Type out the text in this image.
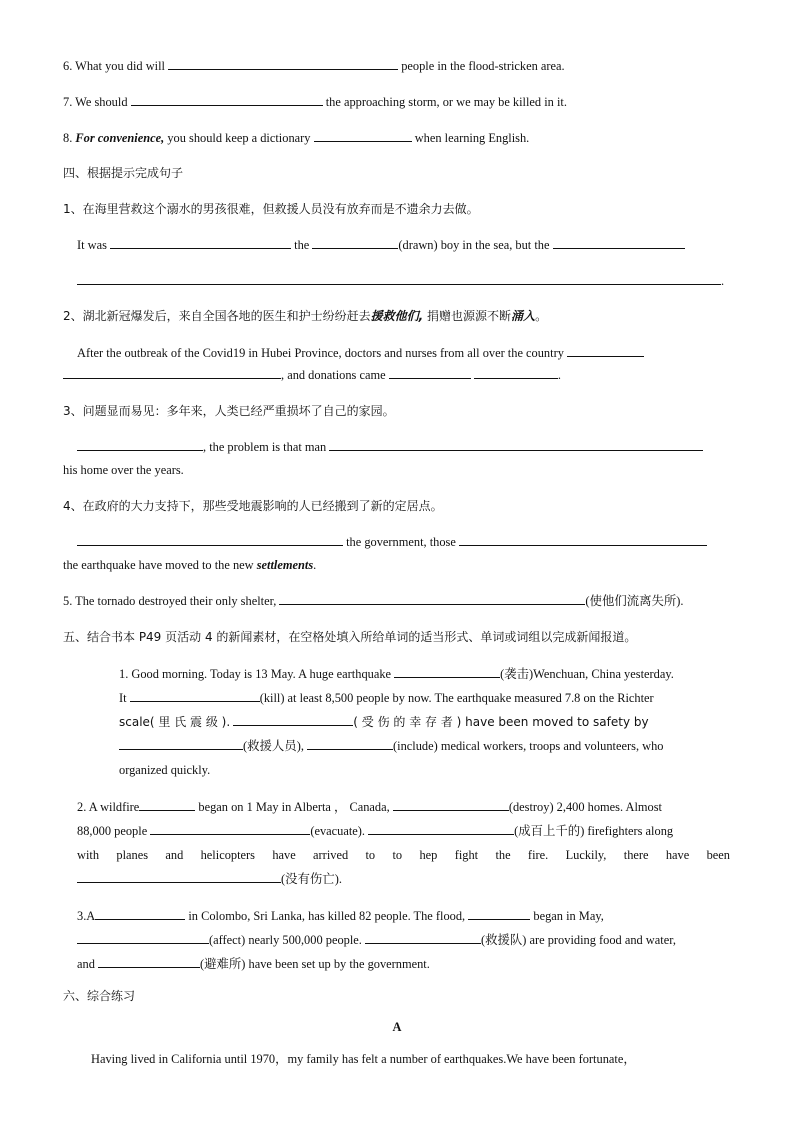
6. What you did will	people in the flood-stricken area.
7. We should	the approaching storm, or we may be killed in it.
8. For convenience, you should keep a dictionary	when learning English.
四、根据提示完成句子
1、在海里营救这个溺水的男孩很难，但救援人员没有放弃而是不遗余力去做。
It was	the	(drawn) boy in the sea, but the
.
2、湖北新冠爆发后，来自全国各地的医生和护士纷纷赶去援救他们, 捐赠也源源不断涌入。
After the outbreak of the Covid19 in Hubei Province, doctors and nurses from all over the country
, and donations came	.
3、问题显而易见：多年来，人类已经严重损坏了自己的家园。
, the problem is that man
his home over the years.
4、在政府的大力支持下，那些受地震影响的人已经搬到了新的定居点。
the government, those
the earthquake have moved to the new settlements.
5. The tornado destroyed their only shelter,	(使他们流离失所).
五、结合书本 P49 页活动 4 的新闻素材，在空格处填入所给单词的适当形式、单词或词组以完成新闻报道。
1. Good morning. Today is 13 May. A huge earthquake	(袭击)Wenchuan, China yesterday.
It	(kill) at least 8,500 people by now. The earthquake measured 7.8 on the Richter
scale( 里 氏 震 级 ).	( 受 伤 的 幸 存 者 ) have been moved to safety by
(救援人员),	(include) medical workers, troops and volunteers, who
organized quickly.
2. A wildfire	began on 1 May in Alberta ， Canada,	(destroy) 2,400 homes. Almost
88,000 people	(evacuate).	(成百上千的) firefighters along
with planes and helicopters have arrived to to hep fight the fire. Luckily, there have been
(没有伤亡).
3.A	in Colombo, Sri Lanka, has killed 82 people. The flood,	began in May,
(affect) nearly 500,000 people.	(救援队) are providing food and water,
and	(避难所) have been set up by the government.
六、综合练习
A
Having lived in California until 1970，my family has felt a number of earthquakes.We have been fortunate，
